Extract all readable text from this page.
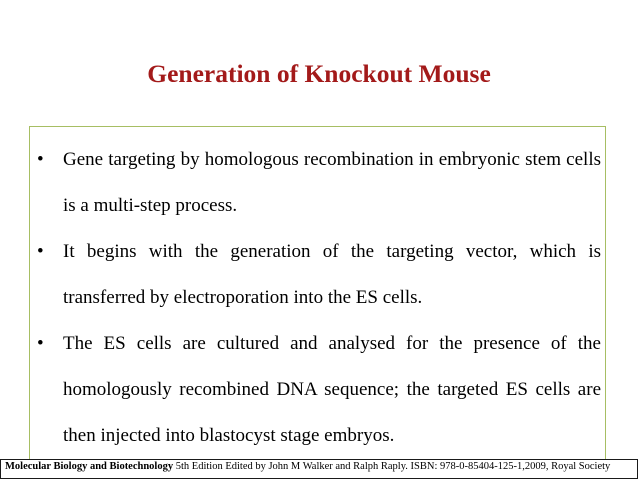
Generation of Knockout Mouse
• Gene targeting by homologous recombination in embryonic stem cells is a multi-step process.
• It begins with the generation of the targeting vector, which is transferred by electroporation into the ES cells.
• The ES cells are cultured and analysed for the presence of the homologously recombined DNA sequence; the targeted ES cells are then injected into blastocyst stage embryos.
Molecular Biology and Biotechnology 5th Edition Edited by John M Walker and Ralph Raply. ISBN: 978-0-85404-125-1,2009, Royal Society
